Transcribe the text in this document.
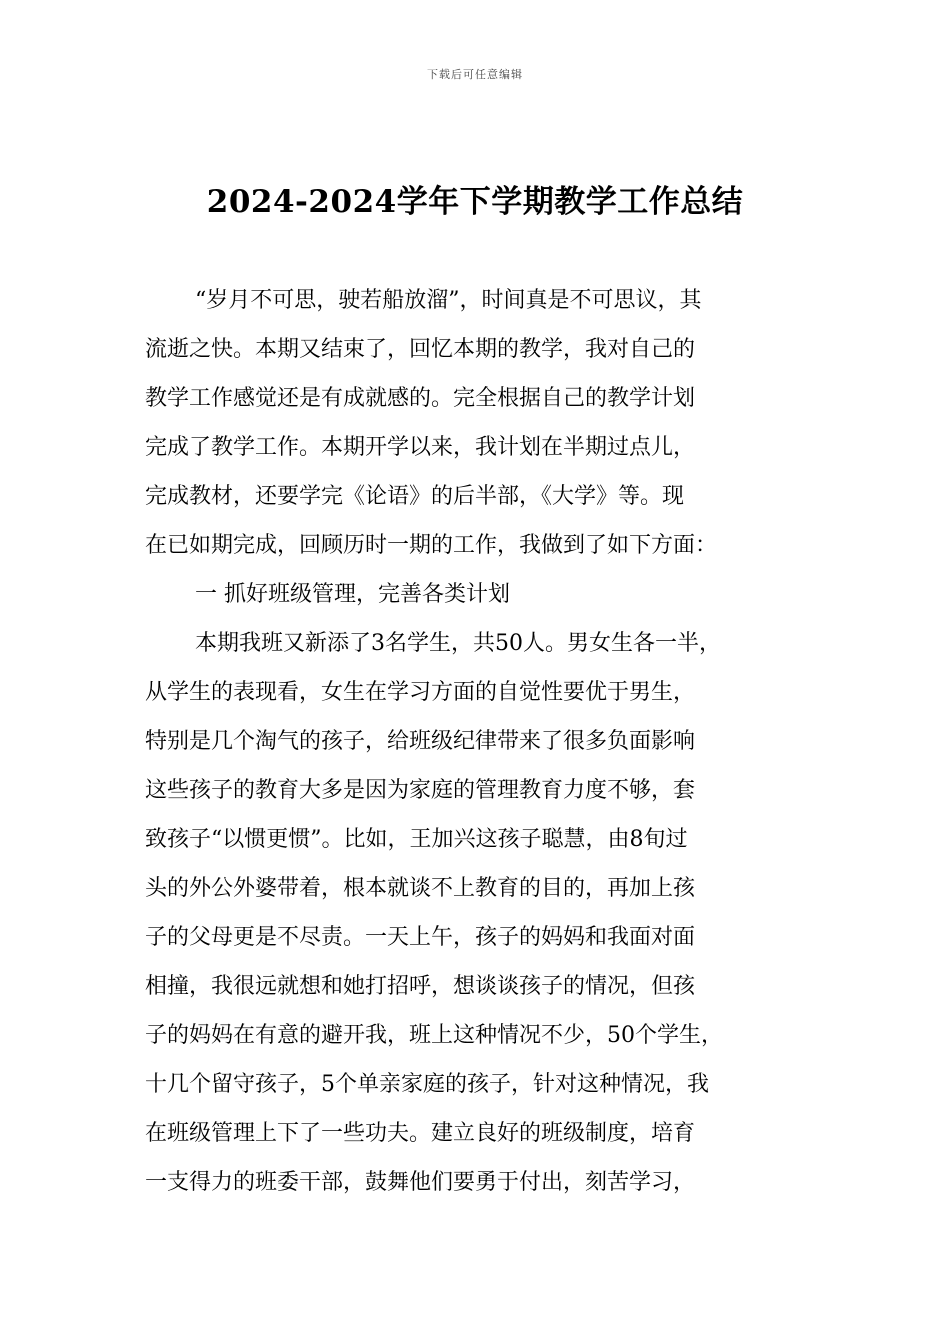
下载后可任意编辑
2024-2024学年下学期教学工作总结
“岁月不可思，驶若船放溜”，时间真是不可思议，其
流逝之快。本期又结束了，回忆本期的教学，我对自己的
教学工作感觉还是有成就感的。完全根据自己的教学计划
完成了教学工作。本期开学以来，我计划在半期过点儿，
完成教材，还要学完《论语》的后半部，《大学》等。现
在已如期完成，回顾历时一期的工作，我做到了如下方面：
一 抓好班级管理，完善各类计划
本期我班又新添了3名学生，共50人。男女生各一半，
从学生的表现看，女生在学习方面的自觉性要优于男生，
特别是几个淘气的孩子，给班级纪律带来了很多负面影响
这些孩子的教育大多是因为家庭的管理教育力度不够，套
致孩子“以惯更惯”。比如，王加兴这孩子聪慧，由8旬过
头的外公外婆带着，根本就谈不上教育的目的，再加上孩
子的父母更是不尽责。一天上午，孩子的妈妈和我面对面
相撞，我很远就想和她打招呼，想谈谈孩子的情况，但孩
子的妈妈在有意的避开我，班上这种情况不少，50个学生，
十几个留守孩子，5个单亲家庭的孩子，针对这种情况，我
在班级管理上下了一些功夫。建立良好的班级制度，培育
一支得力的班委干部，鼓舞他们要勇于付出，刻苦学习，
